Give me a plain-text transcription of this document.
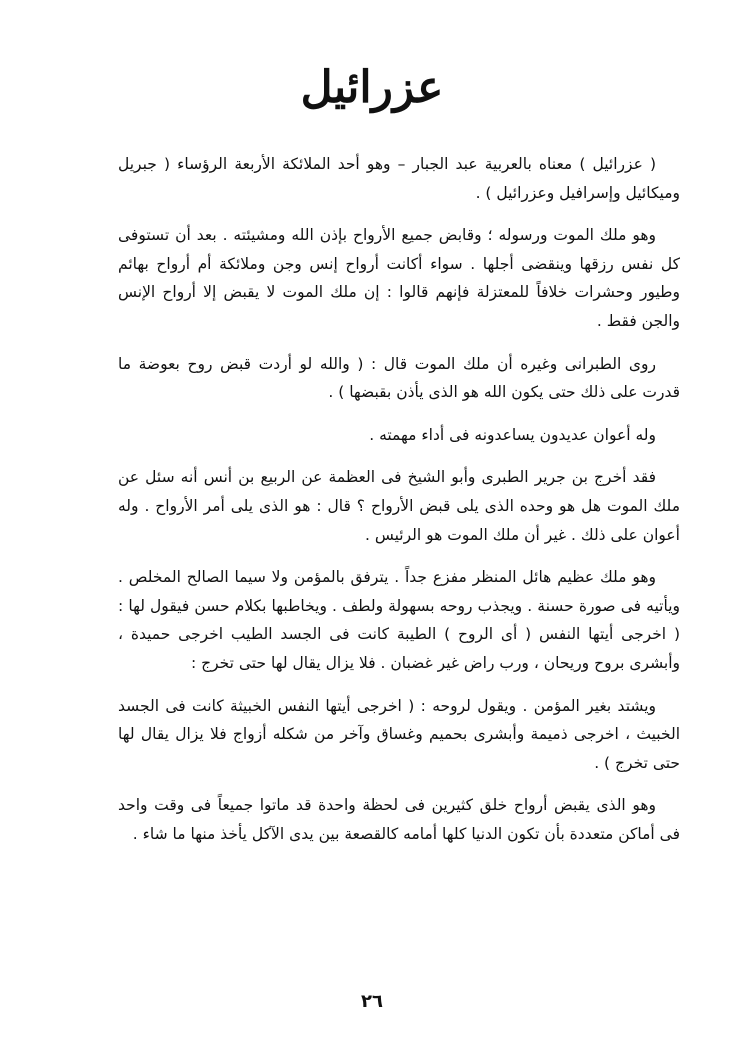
عزرائيل

( عزرائيل ) معناه بالعربية عبد الجبار – وهو أحد الملائكة الأربعة الرؤساء ( جبريل وميكائيل وإسرافيل وعزرائيل ) .

وهو ملك الموت ورسوله ؛ وقابض جميع الأرواح بإذن الله ومشيئته . بعد أن تستوفى كل نفس رزقها وينقضى أجلها . سواء أكانت أرواح إنس وجن وملائكة أم أرواح بهائم وطيور وحشرات خلافاً للمعتزلة فإنهم قالوا : إن ملك الموت لا يقبض إلا أرواح الإنس والجن فقط .

روى الطبرانى وغيره أن ملك الموت قال : ( والله لو أردت قبض روح بعوضة ما قدرت على ذلك حتى يكون الله هو الذى يأذن بقبضها ) .

وله أعوان عديدون يساعدونه فى أداء مهمته .

فقد أخرج بن جرير الطبرى وأبو الشيخ فى العظمة عن الربيع بن أنس أنه سئل عن ملك الموت هل هو وحده الذى يلى قبض الأرواح ؟ قال : هو الذى يلى أمر الأرواح . وله أعوان على ذلك . غير أن ملك الموت هو الرئيس .

وهو ملك عظيم هائل المنظر مفزع جداً . يترفق بالمؤمن ولا سيما الصالح المخلص . ويأتيه فى صورة حسنة . ويجذب روحه بسهولة ولطف . ويخاطبها بكلام حسن فيقول لها : ( اخرجى أيتها النفس ( أى الروح ) الطيبة كانت فى الجسد الطيب اخرجى حميدة ، وأبشرى بروح وريحان ، ورب راض غير غضبان . فلا يزال يقال لها حتى تخرج :

ويشتد بغير المؤمن . ويقول لروحه : ( اخرجى أيتها النفس الخبيثة كانت فى الجسد الخبيث ، اخرجى ذميمة وأبشرى بحميم وغساق وآخر من شكله أزواج فلا يزال يقال لها حتى تخرج ) .

وهو الذى يقبض أرواح خلق كثيرين فى لحظة واحدة قد ماتوا جميعاً فى وقت واحد فى أماكن متعددة بأن تكون الدنيا كلها أمامه كالقصعة بين يدى الآكل يأخذ منها ما شاء .

٢٦
